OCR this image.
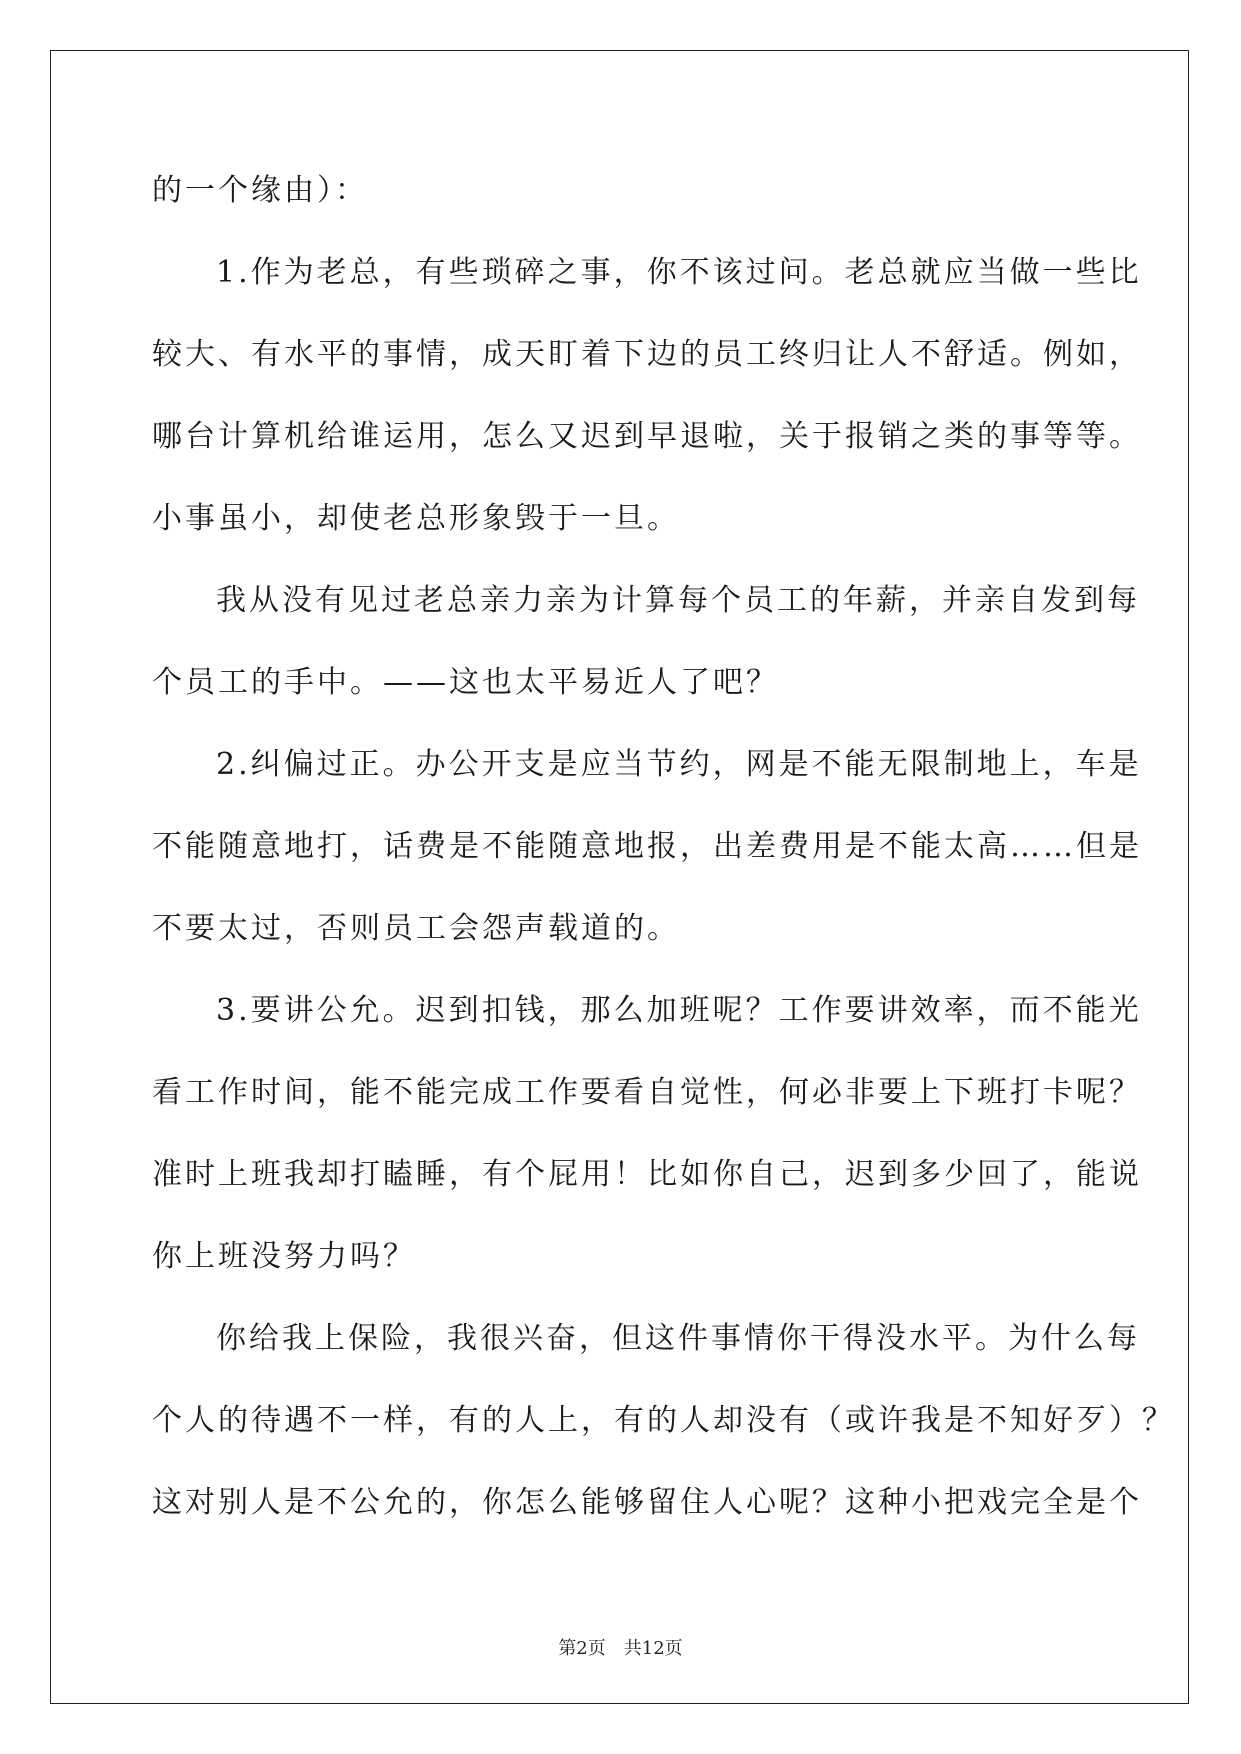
的一个缘由）：
1.作为老总，有些琐碎之事，你不该过问。老总就应当做一些比
较大、有水平的事情，成天盯着下边的员工终归让人不舒适。例如，
哪台计算机给谁运用，怎么又迟到早退啦，关于报销之类的事等等。
小事虽小，却使老总形象毁于一旦。
我从没有见过老总亲力亲为计算每个员工的年薪，并亲自发到每
个员工的手中。——这也太平易近人了吧？
2.纠偏过正。办公开支是应当节约，网是不能无限制地上，车是
不能随意地打，话费是不能随意地报，出差费用是不能太高……但是
不要太过，否则员工会怨声载道的。
3.要讲公允。迟到扣钱，那么加班呢？工作要讲效率，而不能光
看工作时间，能不能完成工作要看自觉性，何必非要上下班打卡呢？
准时上班我却打瞌睡，有个屁用！比如你自己，迟到多少回了，能说
你上班没努力吗？
你给我上保险，我很兴奋，但这件事情你干得没水平。为什么每
个人的待遇不一样，有的人上，有的人却没有（或许我是不知好歹）？
这对别人是不公允的，你怎么能够留住人心呢？这种小把戏完全是个
第2页 共12页
